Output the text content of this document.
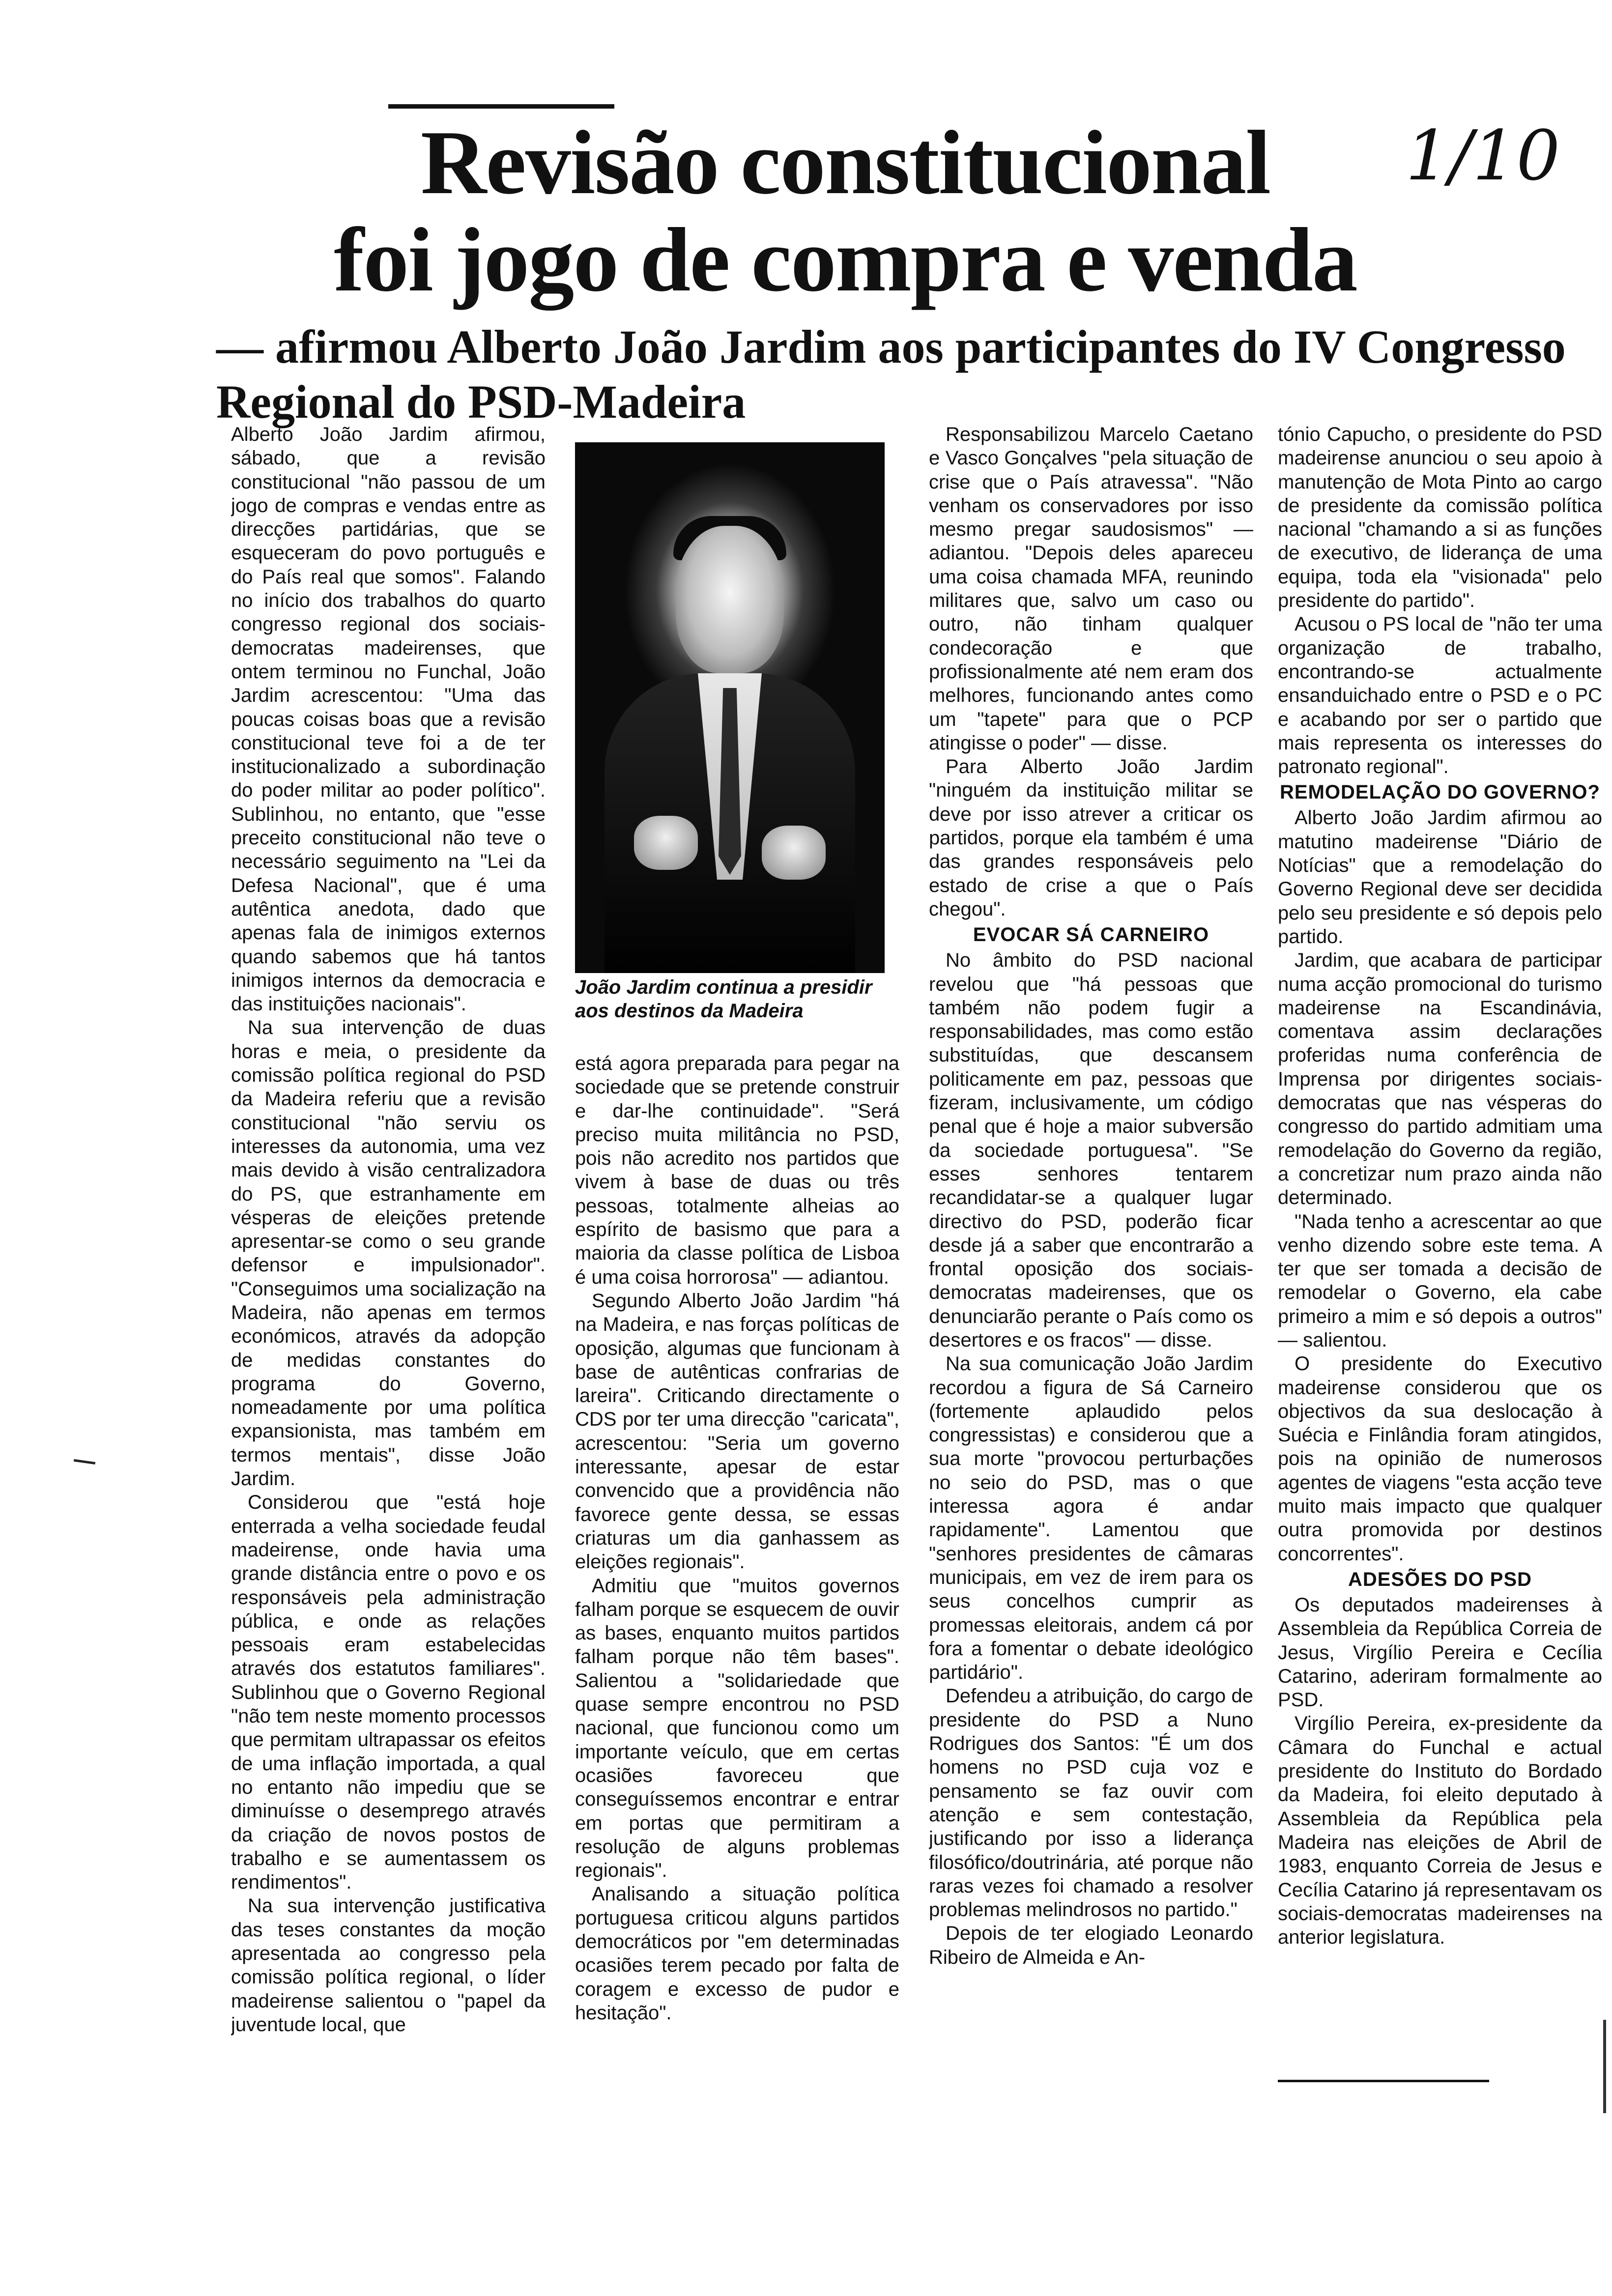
Revisão constitucional
foi jogo de compra e venda
1/10
— afirmou Alberto João Jardim aos participantes do IV Congresso Regional do PSD-Madeira

Alberto João Jardim afirmou, sábado, que a revisão constitucional "não passou de um jogo de compras e vendas entre as direcções partidárias, que se esqueceram do povo português e do País real que somos". Falando no início dos trabalhos do quarto congresso regional dos sociais-democratas madeirenses, que ontem terminou no Funchal, João Jardim acrescentou: "Uma das poucas coisas boas que a revisão constitucional teve foi a de ter institucionalizado a subordinação do poder militar ao poder político". Sublinhou, no entanto, que "esse preceito constitucional não teve o necessário seguimento na "Lei da Defesa Nacional", que é uma autêntica anedota, dado que apenas fala de inimigos externos quando sabemos que há tantos inimigos internos da democracia e das instituições nacionais".

Na sua intervenção de duas horas e meia, o presidente da comissão política regional do PSD da Madeira referiu que a revisão constitucional "não serviu os interesses da autonomia, uma vez mais devido à visão centralizadora do PS, que estranhamente em vésperas de eleições pretende apresentar-se como o seu grande defensor e impulsionador". "Conseguimos uma socialização na Madeira, não apenas em termos económicos, através da adopção de medidas constantes do programa do Governo, nomeadamente por uma política expansionista, mas também em termos mentais", disse João Jardim.

Considerou que "está hoje enterrada a velha sociedade feudal madeirense, onde havia uma grande distância entre o povo e os responsáveis pela administração pública, e onde as relações pessoais eram estabelecidas através dos estatutos familiares". Sublinhou que o Governo Regional "não tem neste momento processos que permitam ultrapassar os efeitos de uma inflação importada, a qual no entanto não impediu que se diminuísse o desemprego através da criação de novos postos de trabalho e se aumentassem os rendimentos".

Na sua intervenção justificativa das teses constantes da moção apresentada ao congresso pela comissão política regional, o líder madeirense salientou o "papel da juventude local, que

João Jardim continua a presidir aos destinos da Madeira

está agora preparada para pegar na sociedade que se pretende construir e dar-lhe continuidade". "Será preciso muita militância no PSD, pois não acredito nos partidos que vivem à base de duas ou três pessoas, totalmente alheias ao espírito de basismo que para a maioria da classe política de Lisboa é uma coisa horrorosa" — adiantou.

Segundo Alberto João Jardim "há na Madeira, e nas forças políticas de oposição, algumas que funcionam à base de autênticas confrarias de lareira". Criticando directamente o CDS por ter uma direcção "caricata", acrescentou: "Seria um governo interessante, apesar de estar convencido que a providência não favorece gente dessa, se essas criaturas um dia ganhassem as eleições regionais".

Admitiu que "muitos governos falham porque se esquecem de ouvir as bases, enquanto muitos partidos falham porque não têm bases". Salientou a "solidariedade que quase sempre encontrou no PSD nacional, que funcionou como um importante veículo, que em certas ocasiões favoreceu que conseguíssemos encontrar e entrar em portas que permitiram a resolução de alguns problemas regionais".

Analisando a situação política portuguesa criticou alguns partidos democráticos por "em determinadas ocasiões terem pecado por falta de coragem e excesso de pudor e hesitação".

Responsabilizou Marcelo Caetano e Vasco Gonçalves "pela situação de crise que o País atravessa". "Não venham os conservadores por isso mesmo pregar saudosismos" — adiantou. "Depois deles apareceu uma coisa chamada MFA, reunindo militares que, salvo um caso ou outro, não tinham qualquer condecoração e que profissionalmente até nem eram dos melhores, funcionando antes como um "tapete" para que o PCP atingisse o poder" — disse.

Para Alberto João Jardim "ninguém da instituição militar se deve por isso atrever a criticar os partidos, porque ela também é uma das grandes responsáveis pelo estado de crise a que o País chegou".

EVOCAR SÁ CARNEIRO

No âmbito do PSD nacional revelou que "há pessoas que também não podem fugir a responsabilidades, mas como estão substituídas, que descansem politicamente em paz, pessoas que fizeram, inclusivamente, um código penal que é hoje a maior subversão da sociedade portuguesa". "Se esses senhores tentarem recandidatar-se a qualquer lugar directivo do PSD, poderão ficar desde já a saber que encontrarão a frontal oposição dos sociais-democratas madeirenses, que os denunciarão perante o País como os desertores e os fracos" — disse.

Na sua comunicação João Jardim recordou a figura de Sá Carneiro (fortemente aplaudido pelos congressistas) e considerou que a sua morte "provocou perturbações no seio do PSD, mas o que interessa agora é andar rapidamente". Lamentou que "senhores presidentes de câmaras municipais, em vez de irem para os seus concelhos cumprir as promessas eleitorais, andem cá por fora a fomentar o debate ideológico partidário".

Defendeu a atribuição, do cargo de presidente do PSD a Nuno Rodrigues dos Santos: "É um dos homens no PSD cuja voz e pensamento se faz ouvir com atenção e sem contestação, justificando por isso a liderança filosófico/doutrinária, até porque não raras vezes foi chamado a resolver problemas melindrosos no partido."

Depois de ter elogiado Leonardo Ribeiro de Almeida e An-

tónio Capucho, o presidente do PSD madeirense anunciou o seu apoio à manutenção de Mota Pinto ao cargo de presidente da comissão política nacional "chamando a si as funções de executivo, de liderança de uma equipa, toda ela "visionada" pelo presidente do partido".

Acusou o PS local de "não ter uma organização de trabalho, encontrando-se actualmente ensanduichado entre o PSD e o PC e acabando por ser o partido que mais representa os interesses do patronato regional".

REMODELAÇÃO DO GOVERNO?

Alberto João Jardim afirmou ao matutino madeirense "Diário de Notícias" que a remodelação do Governo Regional deve ser decidida pelo seu presidente e só depois pelo partido.

Jardim, que acabara de participar numa acção promocional do turismo madeirense na Escandinávia, comentava assim declarações proferidas numa conferência de Imprensa por dirigentes sociais-democratas que nas vésperas do congresso do partido admitiam uma remodelação do Governo da região, a concretizar num prazo ainda não determinado.

"Nada tenho a acrescentar ao que venho dizendo sobre este tema. A ter que ser tomada a decisão de remodelar o Governo, ela cabe primeiro a mim e só depois a outros" — salientou.

O presidente do Executivo madeirense considerou que os objectivos da sua deslocação à Suécia e Finlândia foram atingidos, pois na opinião de numerosos agentes de viagens "esta acção teve muito mais impacto que qualquer outra promovida por destinos concorrentes".

ADESÕES DO PSD

Os deputados madeirenses à Assembleia da República Correia de Jesus, Virgílio Pereira e Cecília Catarino, aderiram formalmente ao PSD.

Virgílio Pereira, ex-presidente da Câmara do Funchal e actual presidente do Instituto do Bordado da Madeira, foi eleito deputado à Assembleia da República pela Madeira nas eleições de Abril de 1983, enquanto Correia de Jesus e Cecília Catarino já representavam os sociais-democratas madeirenses na anterior legislatura.
